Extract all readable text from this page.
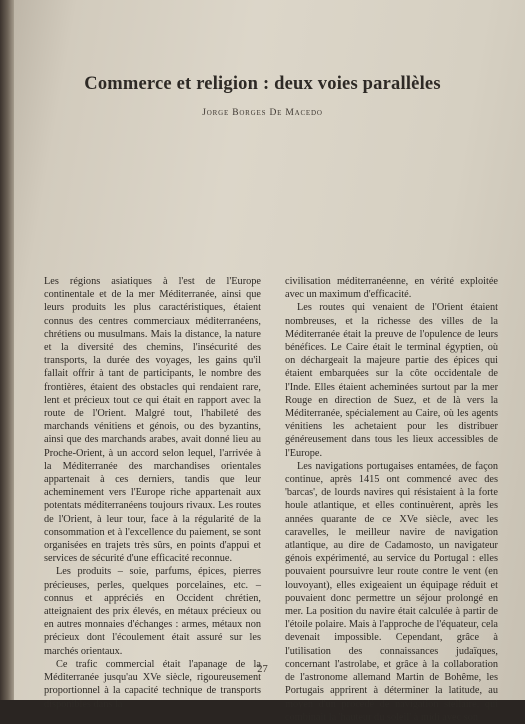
Commerce et religion : deux voies parallèles
Jorge Borges De Macedo

Les régions asiatiques à l'est de l'Europe continentale et de la mer Méditerranée, ainsi que leurs produits les plus caractéristiques, étaient connus des centres commerciaux méditerranéens, chrétiens ou musulmans. Mais la distance, la nature et la diversité des chemins, l'insécurité des transports, la durée des voyages, les gains qu'il fallait offrir à tant de participants, le nombre des frontières, étaient des obstacles qui rendaient rare, lent et précieux tout ce qui était en rapport avec la route de l'Orient. Malgré tout, l'habileté des marchands vénitiens et génois, ou des byzantins, ainsi que des marchands arabes, avait donné lieu au Proche-Orient, à un accord selon lequel, l'arrivée à la Méditerranée des marchandises orientales appartenait à ces derniers, tandis que leur acheminement vers l'Europe riche appartenait aux potentats méditerranéens toujours rivaux. Les routes de l'Orient, à leur tour, face à la régularité de la consommation et à l'excellence du paiement, se sont organisées en trajets très sûrs, en points d'appui et services de sécurité d'une efficacité reconnue.

Les produits – soie, parfums, épices, pierres précieuses, perles, quelques porcelaines, etc. – connus et appréciés en Occident chrétien, atteignaient des prix élevés, en métaux précieux ou en autres monnaies d'échanges : armes, métaux non précieux dont l'écoulement était assuré sur les marchés orientaux.

Ce trafic commercial était l'apanage de la Méditerranée jusqu'au XVe siècle, rigoureusement proportionnel à la capacité technique de transports disponibles dans la

civilisation méditerranéenne, en vérité exploitée avec un maximum d'efficacité.

Les routes qui venaient de l'Orient étaient nombreuses, et la richesse des villes de la Méditerranée était la preuve de l'opulence de leurs bénéfices. Le Caire était le terminal égyptien, où on déchargeait la majeure partie des épices qui étaient embarquées sur la côte occidentale de l'Inde. Elles étaient acheminées surtout par la mer Rouge en direction de Suez, et de là vers la Méditerranée, spécialement au Caire, où les agents vénitiens les achetaient pour les distribuer généreusement dans tous les lieux accessibles de l'Europe.

Les navigations portugaises entamées, de façon continue, après 1415 ont commencé avec des 'barcas', de lourds navires qui résistaient à la forte houle atlantique, et elles continuèrent, après les années quarante de ce XVe siècle, avec les caravelles, le meilleur navire de navigation atlantique, au dire de Cadamosto, un navigateur génois expérimenté, au service du Portugal : elles pouvaient poursuivre leur route contre le vent (en louvoyant), elles exigeaient un équipage réduit et pouvaient donc permettre un séjour prolongé en mer. La position du navire était calculée à partir de l'étoile polaire. Mais à l'approche de l'équateur, cela devenait impossible. Cependant, grâce à l'utilisation des connaissances judaïques, concernant l'astrolabe, et grâce à la collaboration de l'astronome allemand Martin de Bohême, les Portugais apprirent à déterminer la latitude, au moyen d'un procédé de navigation stellaire, qui combinait la 'hauteur du soleil' à midi avec son

27
